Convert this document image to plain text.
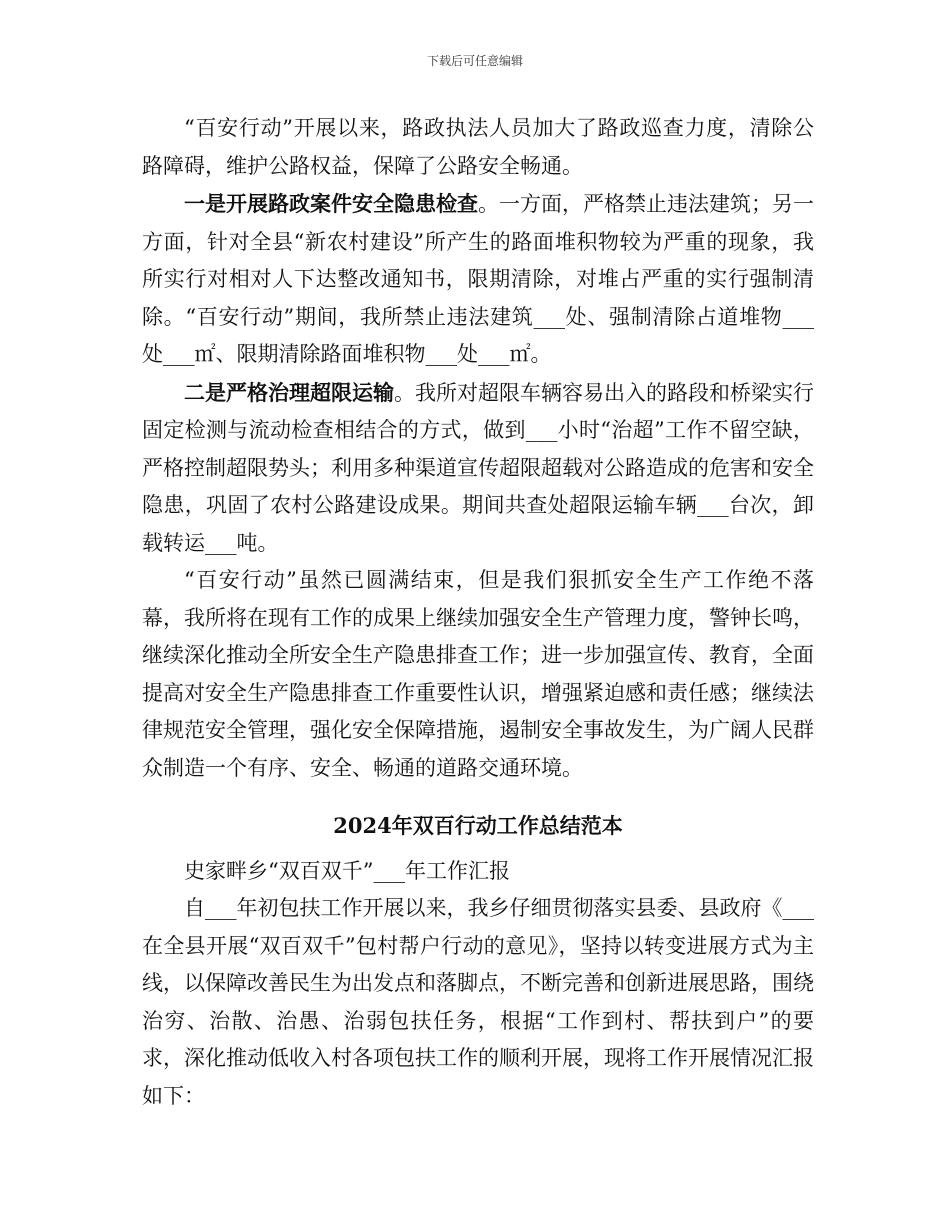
下载后可任意编辑

“百安行动”开展以来，路政执法人员加大了路政巡查力度，清除公路障碍，维护公路权益，保障了公路安全畅通。

一是开展路政案件安全隐患检查。一方面，严格禁止违法建筑；另一方面，针对全县“新农村建设”所产生的路面堆积物较为严重的现象，我所实行对相对人下达整改通知书，限期清除，对堆占严重的实行强制清除。“百安行动”期间，我所禁止违法建筑___处、强制清除占道堆物___处___㎡、限期清除路面堆积物___处___㎡。

二是严格治理超限运输。我所对超限车辆容易出入的路段和桥梁实行固定检测与流动检查相结合的方式，做到___小时“治超”工作不留空缺，严格控制超限势头；利用多种渠道宣传超限超载对公路造成的危害和安全隐患，巩固了农村公路建设成果。期间共查处超限运输车辆___台次，卸载转运___吨。

“百安行动”虽然已圆满结束，但是我们狠抓安全生产工作绝不落幕，我所将在现有工作的成果上继续加强安全生产管理力度，警钟长鸣，继续深化推动全所安全生产隐患排查工作；进一步加强宣传、教育，全面提高对安全生产隐患排查工作重要性认识，增强紧迫感和责任感；继续法律规范安全管理，强化安全保障措施，遏制安全事故发生，为广阔人民群众制造一个有序、安全、畅通的道路交通环境。

2024年双百行动工作总结范本

史家畔乡“双百双千”___年工作汇报

自___年初包扶工作开展以来，我乡仔细贯彻落实县委、县政府《___在全县开展“双百双千”包村帮户行动的意见》，坚持以转变进展方式为主线，以保障改善民生为出发点和落脚点，不断完善和创新进展思路，围绕治穷、治散、治愚、治弱包扶任务，根据“工作到村、帮扶到户”的要求，深化推动低收入村各项包扶工作的顺利开展，现将工作开展情况汇报如下：
